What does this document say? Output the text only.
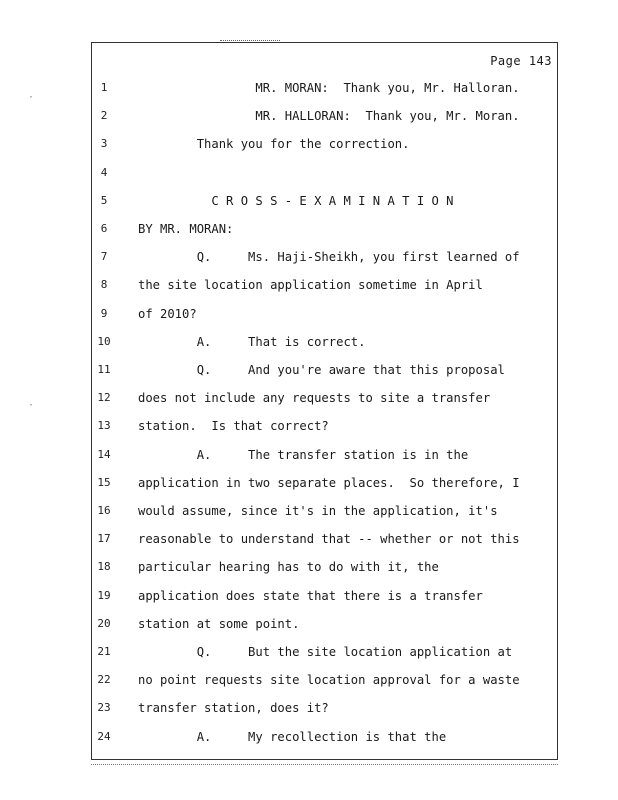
Page 143
1	MR. MORAN:  Thank you, Mr. Halloran.
2	MR. HALLORAN:  Thank you, Mr. Moran.
3	Thank you for the correction.
4
5	C R O S S - E X A M I N A T I O N
6	BY MR. MORAN:
7	Q.     Ms. Haji-Sheikh, you first learned of
8	the site location application sometime in April
9	of 2010?
10	A.     That is correct.
11	Q.     And you're aware that this proposal
12	does not include any requests to site a transfer
13	station.  Is that correct?
14	A.     The transfer station is in the
15	application in two separate places.  So therefore, I
16	would assume, since it's in the application, it's
17	reasonable to understand that -- whether or not this
18	particular hearing has to do with it, the
19	application does state that there is a transfer
20	station at some point.
21	Q.     But the site location application at
22	no point requests site location approval for a waste
23	transfer station, does it?
24	A.     My recollection is that the
·
·
